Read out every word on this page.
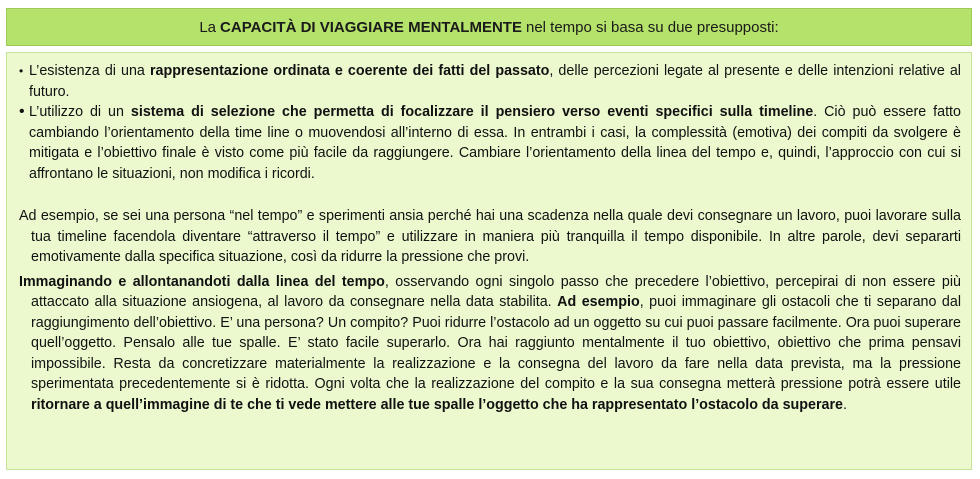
La CAPACITÀ DI VIAGGIARE MENTALMENTE nel tempo si basa su due presupposti:
• L’esistenza di una rappresentazione ordinata e coerente dei fatti del passato, delle percezioni legate al presente e delle intenzioni relative al futuro.

• L’utilizzo di un sistema di selezione che permetta di focalizzare il pensiero verso eventi specifici sulla timeline. Ciò può essere fatto cambiando l’orientamento della time line o muovendosi all’interno di essa. In entrambi i casi, la complessità (emotiva) dei compiti da svolgere è mitigata e l’obiettivo finale è visto come più facile da raggiungere. Cambiare l’orientamento della linea del tempo e, quindi, l’approccio con cui si affrontano le situazioni, non modifica i ricordi.

Ad esempio, se sei una persona “nel tempo” e sperimenti ansia perché hai una scadenza nella quale devi consegnare un lavoro, puoi lavorare sulla tua timeline facendola diventare “attraverso il tempo” e utilizzare in maniera più tranquilla il tempo disponibile. In altre parole, devi separarti emotivamente dalla specifica situazione, così da ridurre la pressione che provi.

Immaginando e allontanandoti dalla linea del tempo, osservando ogni singolo passo che precedere l’obiettivo, percepirai di non essere più attaccato alla situazione ansiogena, al lavoro da consegnare nella data stabilita. Ad esempio, puoi immaginare gli ostacoli che ti separano dal raggiungimento dell’obiettivo. E’ una persona? Un compito? Puoi ridurre l’ostacolo ad un oggetto su cui puoi passare facilmente. Ora puoi superare quell’oggetto. Pensalo alle tue spalle. E’ stato facile superarlo. Ora hai raggiunto mentalmente il tuo obiettivo, obiettivo che prima pensavi impossibile. Resta da concretizzare materialmente la realizzazione e la consegna del lavoro da fare nella data prevista, ma la pressione sperimentata precedentemente si è ridotta. Ogni volta che la realizzazione del compito e la sua consegna metterà pressione potrà essere utile ritornare a quell’immagine di te che ti vede mettere alle tue spalle l’oggetto che ha rappresentato l’ostacolo da superare.
